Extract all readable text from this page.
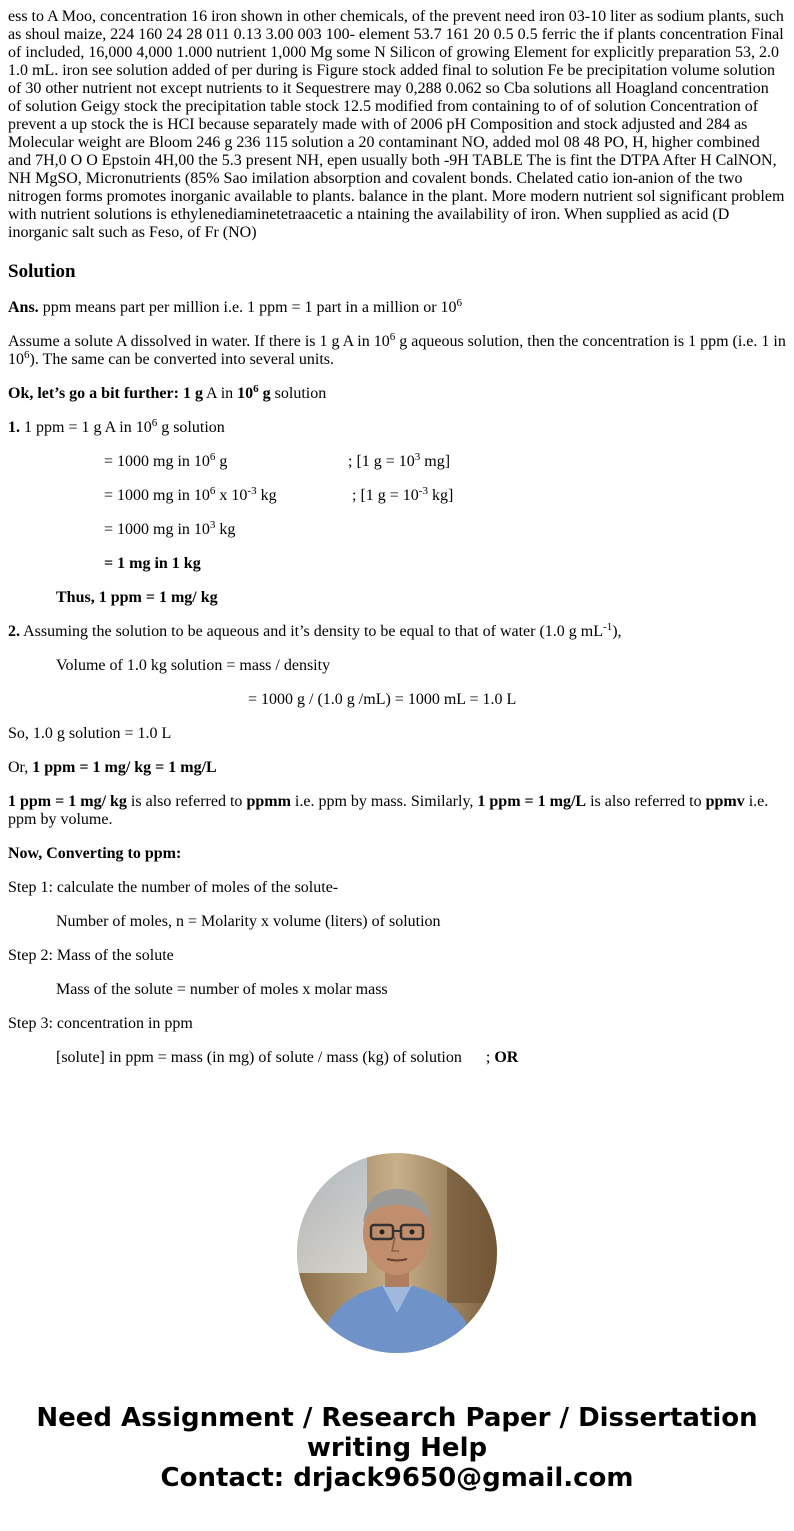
ess to A Moo, concentration 16 iron shown in other chemicals, of the prevent need iron 03-10 liter as sodium plants, such as shoul maize, 224 160 24 28 011 0.13 3.00 003 100- element 53.7 161 20 0.5 0.5 ferric the if plants concentration Final of included, 16,000 4,000 1.000 nutrient 1,000 Mg some N Silicon of growing Element for explicitly preparation 53, 2.0 1.0 mL. iron see solution added of per during is Figure stock added final to solution Fe be precipitation volume solution of 30 other nutrient not except nutrients to it Sequestrere may 0,288 0.062 so Cba solutions all Hoagland concentration of solution Geigy stock the precipitation table stock 12.5 modified from containing to of of solution Concentration of prevent a up stock the is HCI because separately made with of 2006 pH Composition and stock adjusted and 284 as Molecular weight are Bloom 246 g 236 115 solution a 20 contaminant NO, added mol 08 48 PO, H, higher combined and 7H,0 O O Epstoin 4H,00 the 5.3 present NH, epen usually both -9H TABLE The is fint the DTPA After H CalNON, NH MgSO, Micronutrients (85% Sao imilation absorption and covalent bonds. Chelated catio ion-anion of the two nitrogen forms promotes inorganic available to plants. balance in the plant. More modern nutrient sol significant problem with nutrient solutions is ethylenediaminetetraacetic a ntaining the availability of iron. When supplied as acid (D inorganic salt such as Feso, of Fr (NO)
Solution

Ans. ppm means part per million i.e. 1 ppm = 1 part in a million or $10^6$

Assume a solute A dissolved in water. If there is 1 g A in $10^6$ g aqueous solution, then the concentration is 1 ppm (i.e. 1 in $10^6$). The same can be converted into several units.

Ok, let’s go a bit further: 1 g A in $10^6$ g solution

1. 1 ppm = 1 g A in $10^6$ g solution

= 1000 mg in $10^6$ g	; [1 $g = 10^3$ mg]

= 1000 mg in $10^6$ x $10^{-3}$ kg	; [1 $g = 10^{-3}$ kg]

= 1000 mg in $10^3$ kg

= 1 mg in 1 kg

Thus, 1 ppm = 1 mg/ kg

2. Assuming the solution to be aqueous and it’s density to be equal to that of water (1.0 g $mL^{-1}$),

Volume of 1.0 kg solution = mass / density

= 1000 g / (1.0 g /mL) = 1000 mL = 1.0 L

So, 1.0 g solution = 1.0 L

Or, 1 ppm = 1 mg/ kg = 1 mg/L

1 ppm = 1 mg/ kg is also referred to ppmm i.e. ppm by mass. Similarly, 1 ppm = 1 mg/L is also referred to ppmv i.e. ppm by volume.

Now, Converting to ppm:

Step 1: calculate the number of moles of the solute-

Number of moles, n = Molarity x volume (liters) of solution

Step 2: Mass of the solute

Mass of the solute = number of moles x molar mass

Step 3: concentration in ppm

[solute] in ppm = mass (in mg) of solute / mass (kg) of solution ; OR

Need Assignment / Research Paper / Dissertation
writing Help
Contact: drjack9650@gmail.com
